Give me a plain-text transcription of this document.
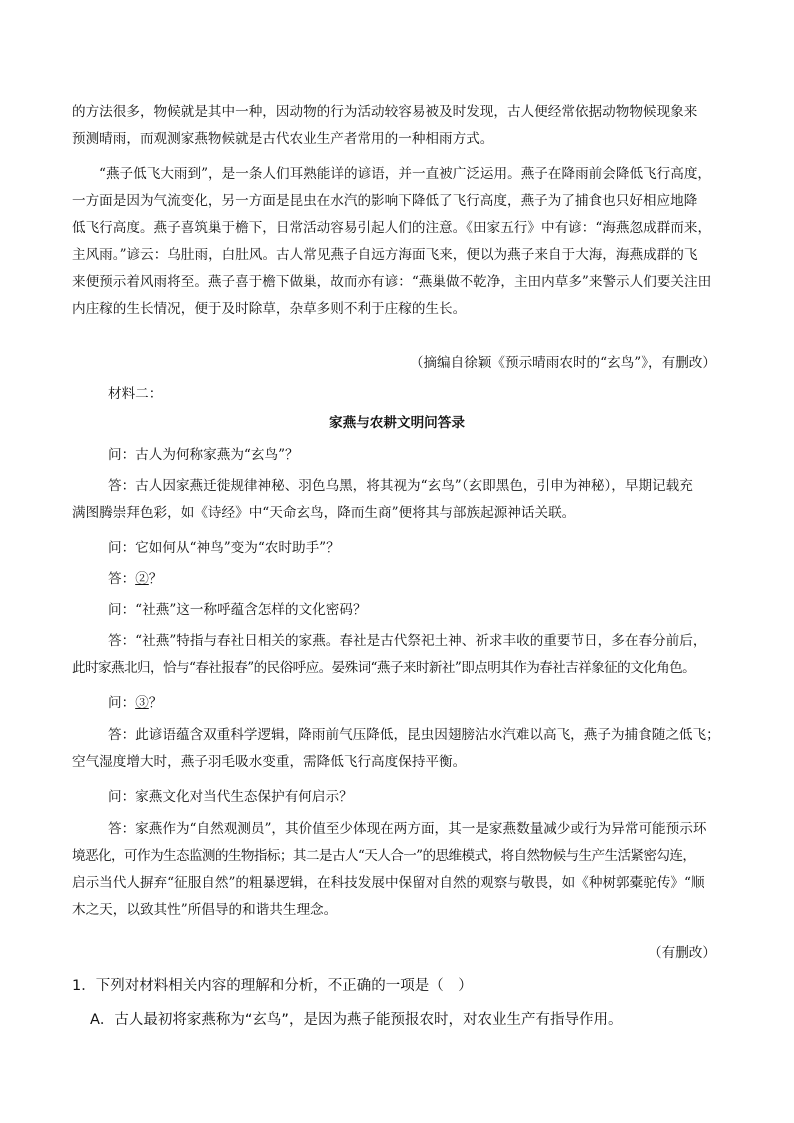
的方法很多，物候就是其中一种，因动物的行为活动较容易被及时发现，古人便经常依据动物物候现象来
预测晴雨，而观测家燕物候就是古代农业生产者常用的一种相雨方式。
“燕子低飞大雨到”，是一条人们耳熟能详的谚语，并一直被广泛运用。燕子在降雨前会降低飞行高度，
一方面是因为气流变化，另一方面是昆虫在水汽的影响下降低了飞行高度，燕子为了捕食也只好相应地降
低飞行高度。燕子喜筑巢于檐下，日常活动容易引起人们的注意。《田家五行》中有谚：“海燕忽成群而来，
主风雨。”谚云：乌肚雨，白肚风。古人常见燕子自远方海面飞来，便以为燕子来自于大海，海燕成群的飞
来便预示着风雨将至。燕子喜于檐下做巢，故而亦有谚：“燕巢做不乾净，主田内草多”来警示人们要关注田
内庄稼的生长情况，便于及时除草，杂草多则不利于庄稼的生长。
（摘编自徐颖《预示晴雨农时的“玄鸟”》，有删改）
材料二：
家燕与农耕文明问答录
问：古人为何称家燕为“玄鸟”？
答：古人因家燕迁徙规律神秘、羽色乌黑，将其视为“玄鸟”（玄即黑色，引申为神秘），早期记载充
满图腾崇拜色彩，如《诗经》中“天命玄鸟，降而生商”便将其与部族起源神话关联。
问：它如何从“神鸟”变为“农时助手”？
答：②？
问：“社燕”这一称呼蕴含怎样的文化密码？
答：“社燕”特指与春社日相关的家燕。春社是古代祭祀土神、祈求丰收的重要节日，多在春分前后，
此时家燕北归，恰与“春社报春”的民俗呼应。晏殊词“燕子来时新社”即点明其作为春社吉祥象征的文化角色。
问：③？
答：此谚语蕴含双重科学逻辑，降雨前气压降低，昆虫因翅膀沾水汽难以高飞，燕子为捕食随之低飞；
空气湿度增大时，燕子羽毛吸水变重，需降低飞行高度保持平衡。
问：家燕文化对当代生态保护有何启示？
答：家燕作为“自然观测员”，其价值至少体现在两方面，其一是家燕数量减少或行为异常可能预示环
境恶化，可作为生态监测的生物指标；其二是古人“天人合一”的思维模式，将自然物候与生产生活紧密勾连，
启示当代人摒弃“征服自然”的粗暴逻辑，在科技发展中保留对自然的观察与敬畏，如《种树郭橐驼传》“顺
木之天，以致其性”所倡导的和谐共生理念。
（有删改）
1．下列对材料相关内容的理解和分析，不正确的一项是（　）
A．古人最初将家燕称为“玄鸟”，是因为燕子能预报农时，对农业生产有指导作用。
